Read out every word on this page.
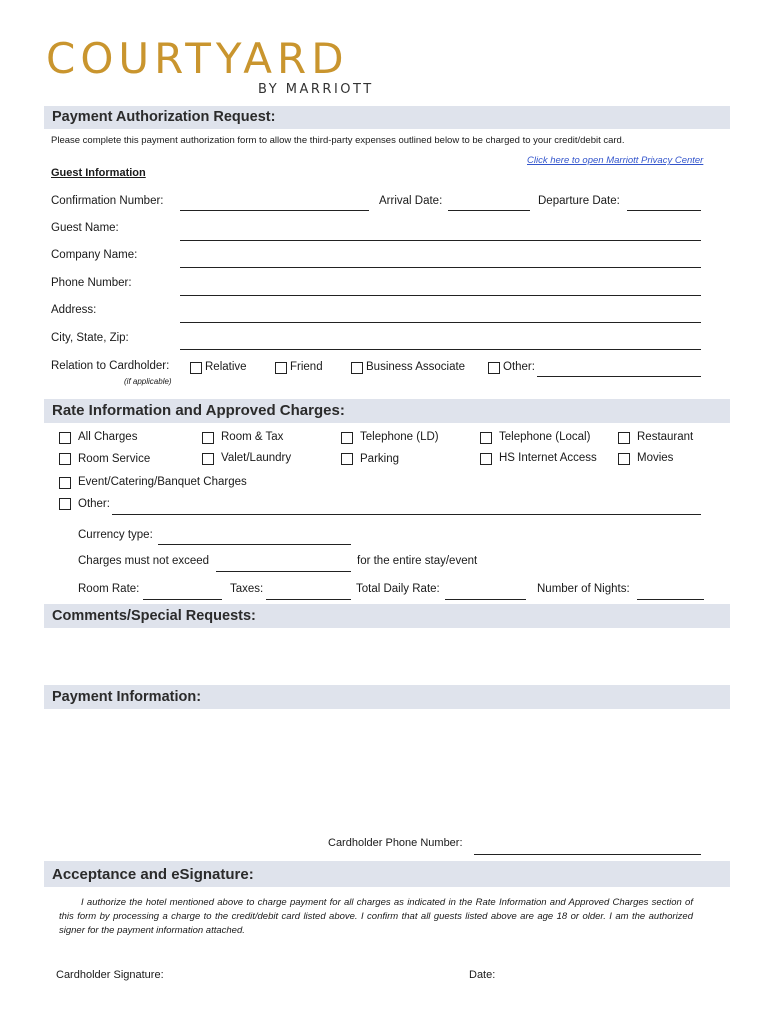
COURTYARD
BY MARRIOTT
Payment Authorization Request:
Please complete this payment authorization form to allow the third-party expenses outlined below to be charged to your credit/debit card.
Click here to open Marriott Privacy Center
Guest Information
Confirmation Number:	Arrival Date:	Departure Date:
Guest Name:
Company Name:
Phone Number:
Address:
City, State, Zip:
Relation to Cardholder:
(if applicable)
Relative	Friend	Business Associate	Other:
Rate Information and Approved Charges:
All Charges	Room & Tax	Telephone (LD)	Telephone (Local)	Restaurant
Room Service	Valet/Laundry	Parking	HS Internet Access	Movies
Event/Catering/Banquet Charges
Other:
Currency type:
Charges must not exceed	for the entire stay/event
Room Rate:	Taxes:	Total Daily Rate:	Number of Nights:
Comments/Special Requests:
Payment Information:
Cardholder Phone Number:
Acceptance and eSignature:
I authorize the hotel mentioned above to charge payment for all charges as indicated in the Rate Information and Approved Charges section of this form by processing a charge to the credit/debit card listed above. I confirm that all guests listed above are age 18 or older. I am the authorized signer for the payment information attached.
Cardholder Signature:	Date:
